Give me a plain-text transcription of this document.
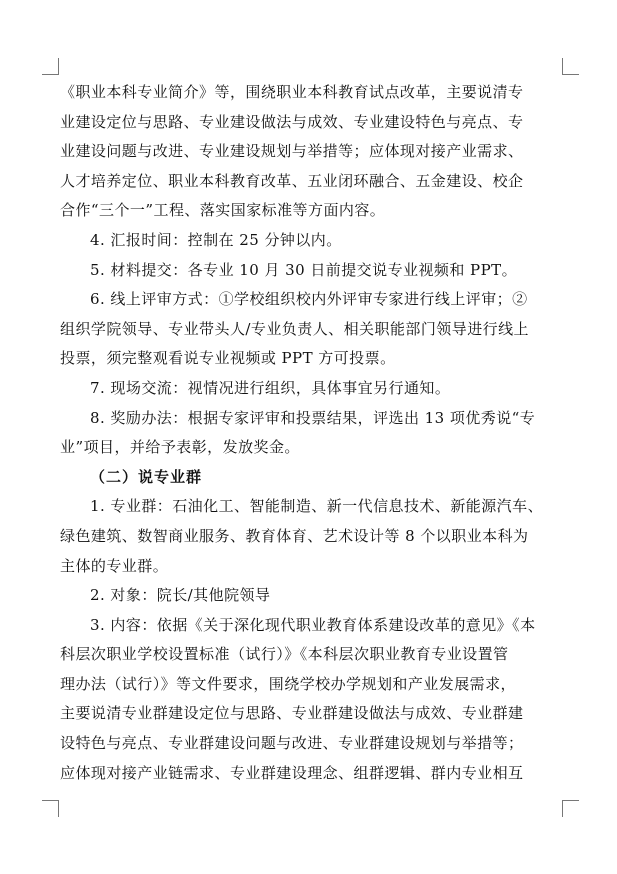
《职业本科专业简介》等，围绕职业本科教育试点改革，主要说清专
业建设定位与思路、专业建设做法与成效、专业建设特色与亮点、专
业建设问题与改进、专业建设规划与举措等；应体现对接产业需求、
人才培养定位、职业本科教育改革、五业闭环融合、五金建设、校企
合作“三个一”工程、落实国家标准等方面内容。
4. 汇报时间：控制在 25 分钟以内。
5. 材料提交：各专业 10 月 30 日前提交说专业视频和 PPT。
6. 线上评审方式：①学校组织校内外评审专家进行线上评审；②
组织学院领导、专业带头人/专业负责人、相关职能部门领导进行线上
投票，须完整观看说专业视频或 PPT 方可投票。
7. 现场交流：视情况进行组织，具体事宜另行通知。
8. 奖励办法：根据专家评审和投票结果，评选出 13 项优秀说“专
业”项目，并给予表彰，发放奖金。
（二）说专业群
1. 专业群：石油化工、智能制造、新一代信息技术、新能源汽车、
绿色建筑、数智商业服务、教育体育、艺术设计等 8 个以职业本科为
主体的专业群。
2. 对象：院长/其他院领导
3. 内容：依据《关于深化现代职业教育体系建设改革的意见》《本
科层次职业学校设置标准（试行）》《本科层次职业教育专业设置管
理办法（试行）》等文件要求，围绕学校办学规划和产业发展需求，
主要说清专业群建设定位与思路、专业群建设做法与成效、专业群建
设特色与亮点、专业群建设问题与改进、专业群建设规划与举措等；
应体现对接产业链需求、专业群建设理念、组群逻辑、群内专业相互
